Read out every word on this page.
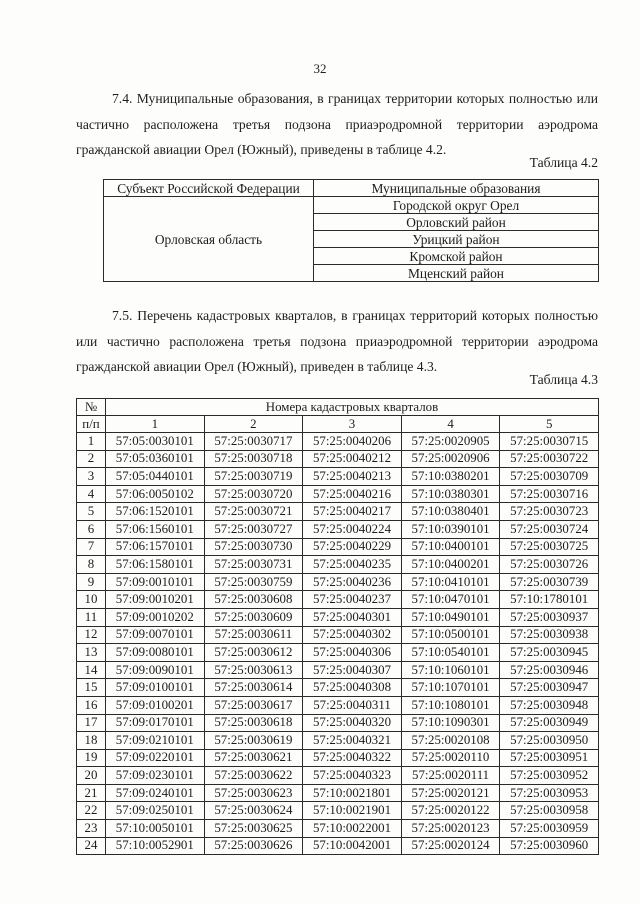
32
7.4. Муниципальные образования, в границах территории которых полностью или частично расположена третья подзона приаэродромной территории аэродрома гражданской авиации Орел (Южный), приведены в таблице 4.2.
Таблица 4.2
Субъект Российской Федерации	Муниципальные образования
Орловская область	Городской округ Орел
	Орловский район
	Урицкий район
	Кромской район
	Мценский район
7.5. Перечень кадастровых кварталов, в границах территорий которых полностью или частично расположена третья подзона приаэродромной территории аэродрома гражданской авиации Орел (Южный), приведен в таблице 4.3.
Таблица 4.3
№	Номера кадастровых кварталов				
п/п	1	2	3	4	5
1	57:05:0030101	57:25:0030717	57:25:0040206	57:25:0020905	57:25:0030715
2	57:05:0360101	57:25:0030718	57:25:0040212	57:25:0020906	57:25:0030722
3	57:05:0440101	57:25:0030719	57:25:0040213	57:10:0380201	57:25:0030709
4	57:06:0050102	57:25:0030720	57:25:0040216	57:10:0380301	57:25:0030716
5	57:06:1520101	57:25:0030721	57:25:0040217	57:10:0380401	57:25:0030723
6	57:06:1560101	57:25:0030727	57:25:0040224	57:10:0390101	57:25:0030724
7	57:06:1570101	57:25:0030730	57:25:0040229	57:10:0400101	57:25:0030725
8	57:06:1580101	57:25:0030731	57:25:0040235	57:10:0400201	57:25:0030726
9	57:09:0010101	57:25:0030759	57:25:0040236	57:10:0410101	57:25:0030739
10	57:09:0010201	57:25:0030608	57:25:0040237	57:10:0470101	57:10:1780101
11	57:09:0010202	57:25:0030609	57:25:0040301	57:10:0490101	57:25:0030937
12	57:09:0070101	57:25:0030611	57:25:0040302	57:10:0500101	57:25:0030938
13	57:09:0080101	57:25:0030612	57:25:0040306	57:10:0540101	57:25:0030945
14	57:09:0090101	57:25:0030613	57:25:0040307	57:10:1060101	57:25:0030946
15	57:09:0100101	57:25:0030614	57:25:0040308	57:10:1070101	57:25:0030947
16	57:09:0100201	57:25:0030617	57:25:0040311	57:10:1080101	57:25:0030948
17	57:09:0170101	57:25:0030618	57:25:0040320	57:10:1090301	57:25:0030949
18	57:09:0210101	57:25:0030619	57:25:0040321	57:25:0020108	57:25:0030950
19	57:09:0220101	57:25:0030621	57:25:0040322	57:25:0020110	57:25:0030951
20	57:09:0230101	57:25:0030622	57:25:0040323	57:25:0020111	57:25:0030952
21	57:09:0240101	57:25:0030623	57:10:0021801	57:25:0020121	57:25:0030953
22	57:09:0250101	57:25:0030624	57:10:0021901	57:25:0020122	57:25:0030958
23	57:10:0050101	57:25:0030625	57:10:0022001	57:25:0020123	57:25:0030959
24	57:10:0052901	57:25:0030626	57:10:0042001	57:25:0020124	57:25:0030960
